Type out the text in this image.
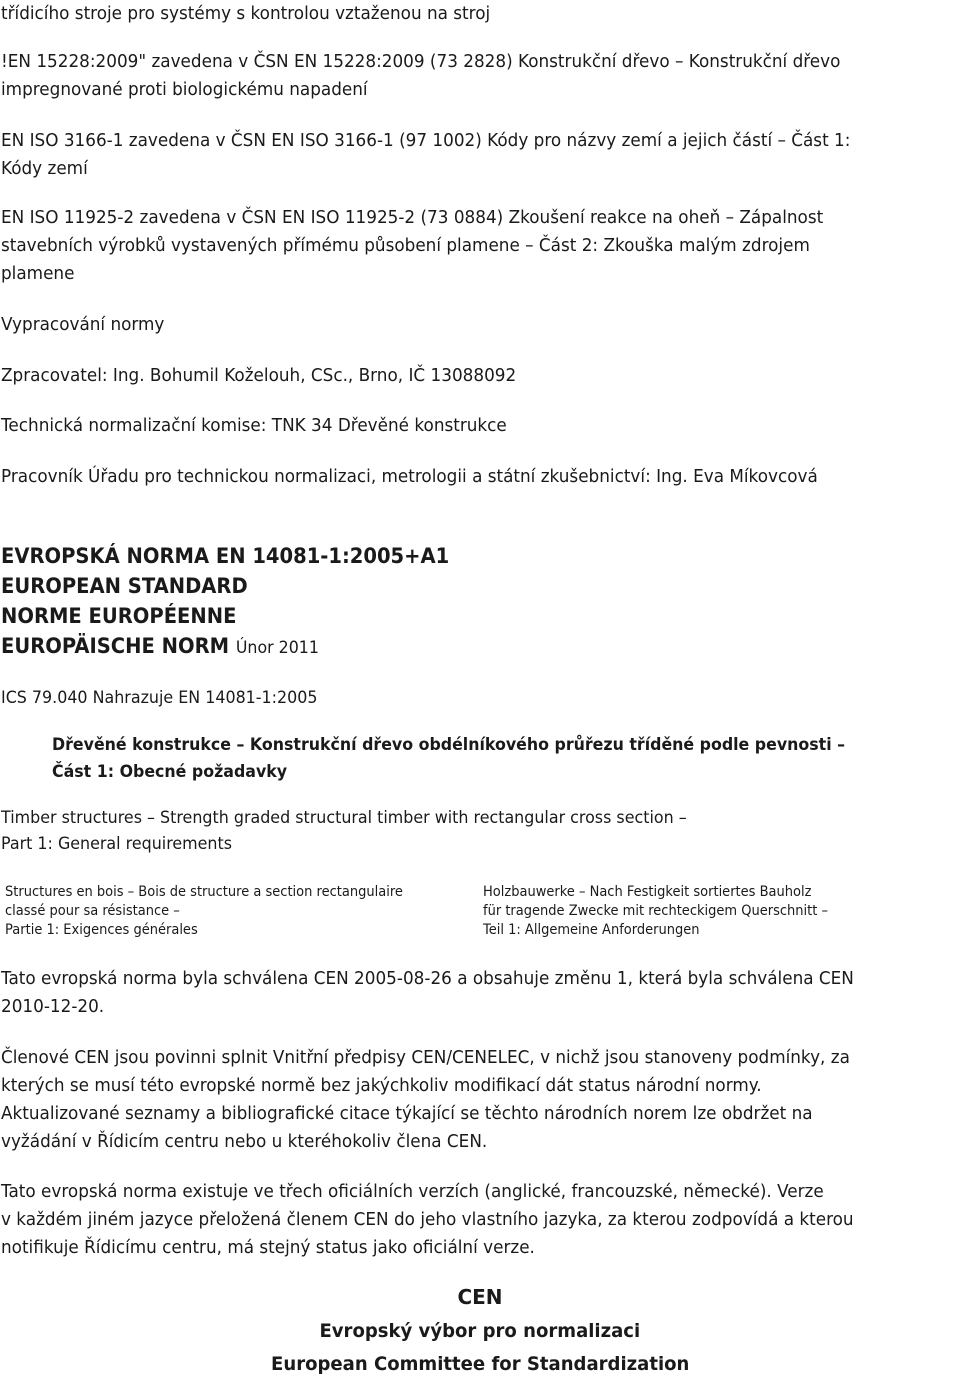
třídicího stroje pro systémy s kontrolou vztaženou na stroj

!EN 15228:2009" zavedena v ČSN EN 15228:2009 (73 2828) Konstrukční dřevo – Konstrukční dřevo
impregnované proti biologickému napadení
EN ISO 3166-1 zavedena v ČSN EN ISO 3166-1 (97 1002) Kódy pro názvy zemí a jejich částí – Část 1:
Kódy zemí
EN ISO 11925-2 zavedena v ČSN EN ISO 11925-2 (73 0884) Zkoušení reakce na oheň – Zápalnost
stavebních výrobků vystavených přímému působení plamene – Část 2: Zkouška malým zdrojem
plamene

Vypracování normy

Zpracovatel: Ing. Bohumil Koželouh, CSc., Brno, IČ 13088092

Technická normalizační komise: TNK 34 Dřevěné konstrukce

Pracovník Úřadu pro technickou normalizaci, metrologii a státní zkušebnictví: Ing. Eva Míkovcová

EVROPSKÁ NORMA EN 14081-1:2005+A1
EUROPEAN STANDARD
NORME EUROPÉENNE
EUROPÄISCHE NORM Únor 2011

ICS 79.040 Nahrazuje EN 14081-1:2005

Dřevěné konstrukce – Konstrukční dřevo obdélníkového průřezu tříděné podle pevnosti –
Část 1: Obecné požadavky
Timber structures – Strength graded structural timber with rectangular cross section –
Part 1: General requirements
Structures en bois – Bois de structure a section rectangulaire
classé pour sa résistance –
Partie 1: Exigences générales
Holzbauwerke – Nach Festigkeit sortiertes Bauholz
für tragende Zwecke mit rechteckigem Querschnitt –
Teil 1: Allgemeine Anforderungen
Tato evropská norma byla schválena CEN 2005-08-26 a obsahuje změnu 1, která byla schválena CEN
2010-12-20.
Členové CEN jsou povinni splnit Vnitřní předpisy CEN/CENELEC, v nichž jsou stanoveny podmínky, za
kterých se musí této evropské normě bez jakýchkoliv modifikací dát status národní normy.
Aktualizované seznamy a bibliografické citace týkající se těchto národních norem lze obdržet na
vyžádání v Řídicím centru nebo u kteréhokoliv člena CEN.
Tato evropská norma existuje ve třech oficiálních verzích (anglické, francouzské, německé). Verze
v každém jiném jazyce přeložená členem CEN do jeho vlastního jazyka, za kterou zodpovídá a kterou
notifikuje Řídicímu centru, má stejný status jako oficiální verze.

CEN

Evropský výbor pro normalizaci

European Committee for Standardization
